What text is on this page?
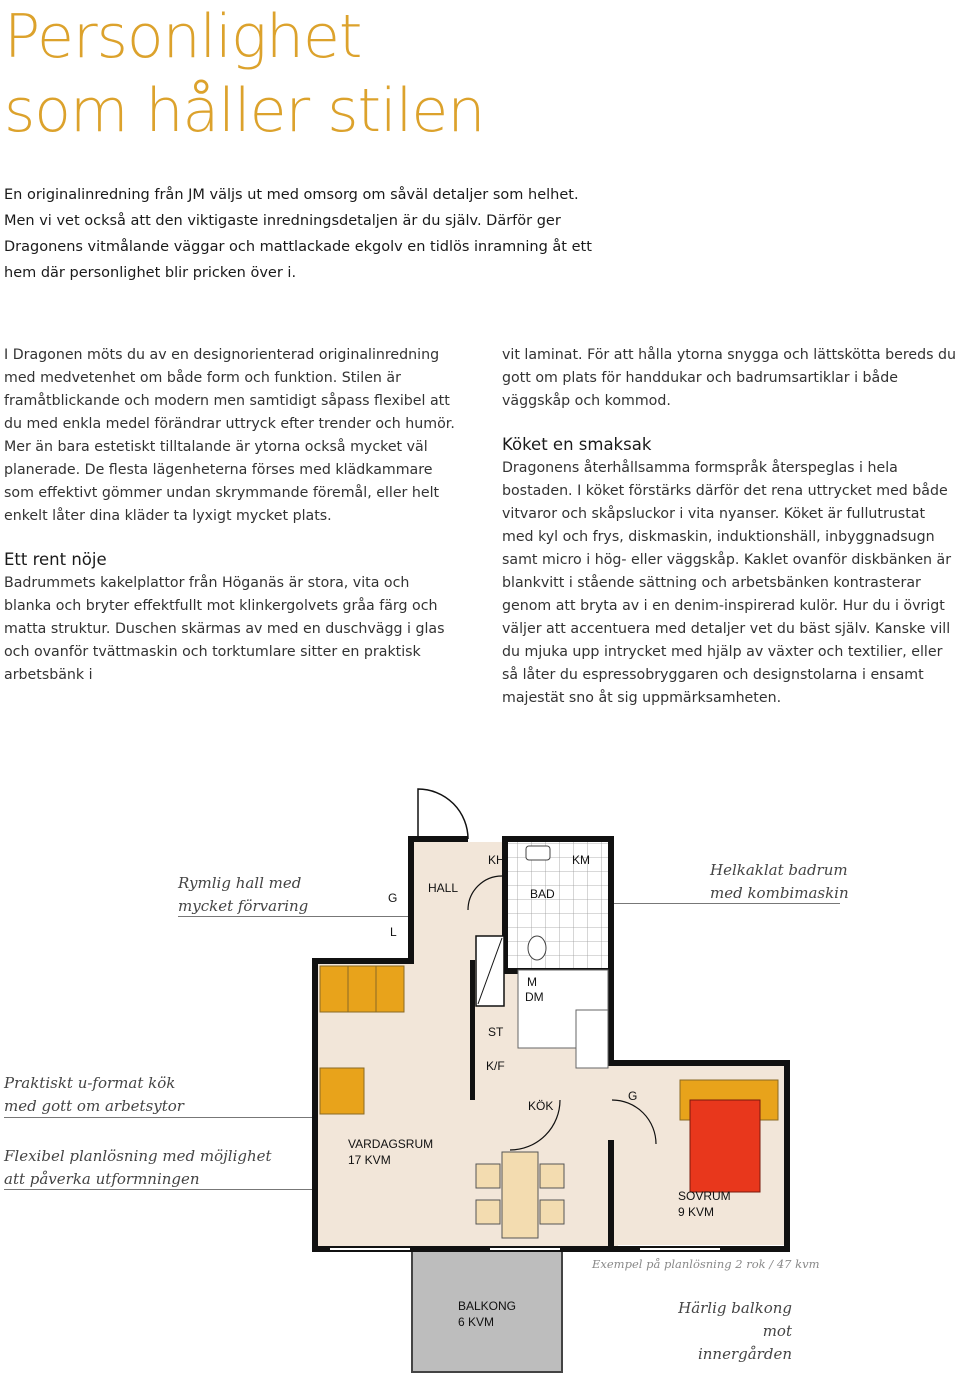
Personlighet
som håller stilen

En originalinredning från JM väljs ut med omsorg om såväl detaljer som helhet. Men vi vet också att den viktigaste inredningsdetaljen är du själv. Därför ger Dragonens vitmålande väggar och mattlackade ekgolv en tidlös inramning åt ett hem där personlighet blir pricken över i.

I Dragonen möts du av en designorienterad originalinredning med medvetenhet om både form och funktion. Stilen är framåtblickande och modern men samtidigt såpass flexibel att du med enkla medel förändrar uttryck efter trender och humör. Mer än bara estetiskt tilltalande är ytorna också mycket väl planerade. De flesta lägenheterna förses med klädkammare som effektivt gömmer undan skrymmande föremål, eller helt enkelt låter dina kläder ta lyxigt mycket plats.

Ett rent nöje

Badrummets kakelplattor från Höganäs är stora, vita och blanka och bryter effektfullt mot klinkergolvets gråa färg och matta struktur. Duschen skärmas av med en duschvägg i glas och ovanför tvättmaskin och torktumlare sitter en praktisk arbetsbänk i

vit laminat. För att hålla ytorna snygga och lättskötta bereds du gott om plats för handdukar och badrumsartiklar i både väggskåp och kommod.

Köket en smaksak

Dragonens återhållsamma formspråk återspeglas i hela bostaden. I köket förstärks därför det rena uttrycket med både vitvaror och skåpsluckor i vita nyanser. Köket är fullutrustat med kyl och frys, diskmaskin, induktionshäll, inbyggnadsugn samt micro i hög- eller väggskåp. Kaklet ovanför diskbänken är blankvitt i stående sättning och arbetsbänken kontrasterar genom att bryta av i en denim-inspirerad kulör. Hur du i övrigt väljer att accentuera med detaljer vet du bäst själv. Kanske vill du mjuka upp intrycket med hjälp av växter och textilier, eller så låter du espressobryggaren och designstolarna i ensamt majestät sno åt sig uppmärksamheten.

Rymlig hall med
mycket förvaring

Helkaklat badrum
med kombimaskin

Praktiskt u-format kök
med gott om arbetsytor

Flexibel planlösning med möjlighet
att påverka utformningen

Härlig balkong mot
innergården

Exempel på planlösning 2 rok / 47 kvm

HALL
G
L
KH	KM
BAD
M
DM
ST
K/F
KÖK
VARDAGSRUM
17 KVM
G
SOVRUM
9 KVM
BALKONG
6 KVM
